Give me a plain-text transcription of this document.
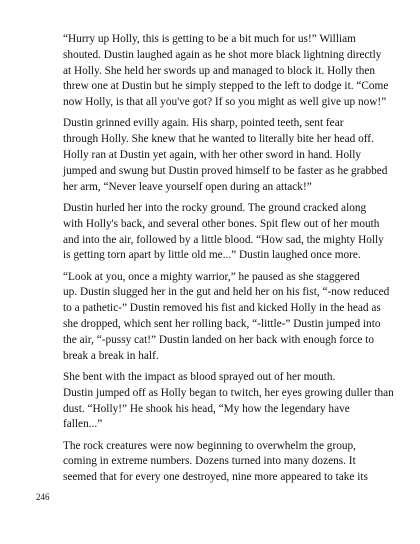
“Hurry up Holly, this is getting to be a bit much for us!” William
shouted. Dustin laughed again as he shot more black lightning directly
at Holly. She held her swords up and managed to block it. Holly then
threw one at Dustin but he simply stepped to the left to dodge it. “Come
now Holly, is that all you've got? If so you might as well give up now!”

Dustin grinned evilly again. His sharp, pointed teeth, sent fear
through Holly. She knew that he wanted to literally bite her head off.
Holly ran at Dustin yet again, with her other sword in hand. Holly
jumped and swung but Dustin proved himself to be faster as he grabbed
her arm, “Never leave yourself open during an attack!”

Dustin hurled her into the rocky ground. The ground cracked along
with Holly's back, and several other bones. Spit flew out of her mouth
and into the air, followed by a little blood. “How sad, the mighty Holly
is getting torn apart by little old me...” Dustin laughed once more.

“Look at you, once a mighty warrior,” he paused as she staggered
up. Dustin slugged her in the gut and held her on his fist, “-now reduced
to a pathetic-” Dustin removed his fist and kicked Holly in the head as
she dropped, which sent her rolling back, “-little-” Dustin jumped into
the air, “-pussy cat!” Dustin landed on her back with enough force to
break a break in half.

She bent with the impact as blood sprayed out of her mouth.
Dustin jumped off as Holly began to twitch, her eyes growing duller than
dust. “Holly!” He shook his head, “My how the legendary have
fallen...”

The rock creatures were now beginning to overwhelm the group,
coming in extreme numbers. Dozens turned into many dozens. It
seemed that for every one destroyed, nine more appeared to take its

246
